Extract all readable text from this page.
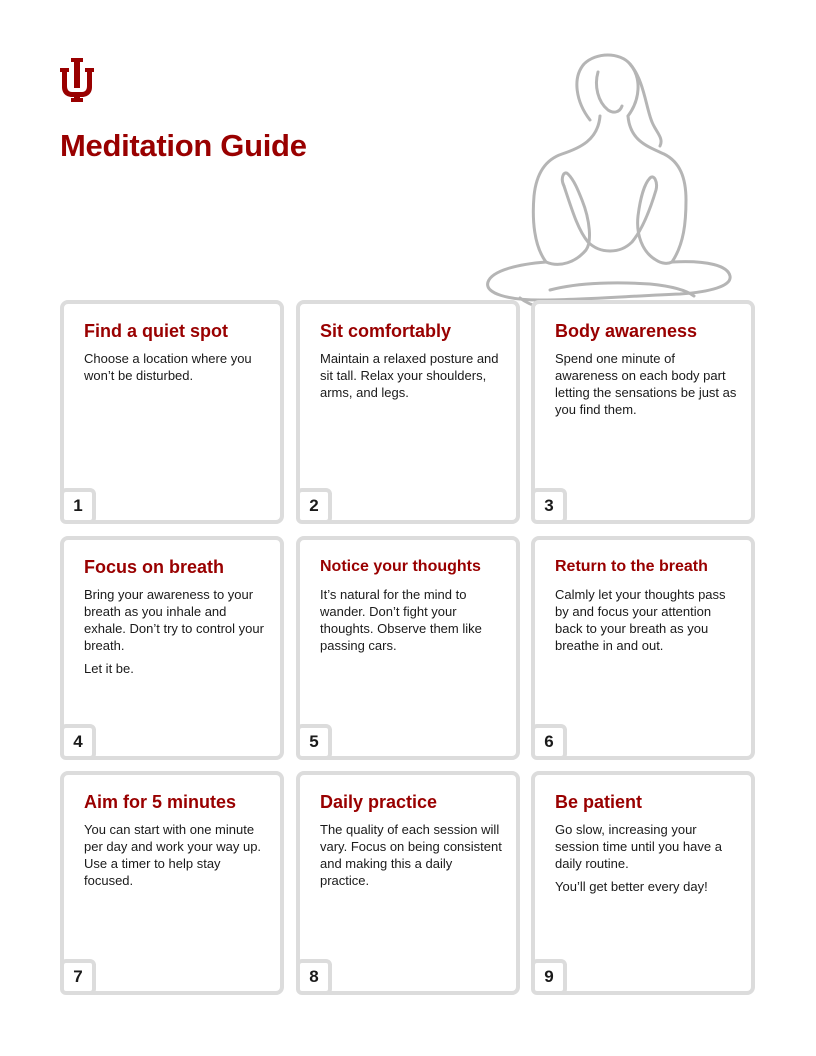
Meditation Guide
Find a quiet spot

Choose a location where you won’t be disturbed.

1
Sit comfortably

Maintain a relaxed posture and sit tall. Relax your shoulders, arms, and legs.

2
Body awareness

Spend one minute of awareness on each body part letting the sensations be just as you find them.

3
Focus on breath

Bring your awareness to your breath as you inhale and exhale. Don’t try to control your breath.

Let it be.

4
Notice your thoughts

It’s natural for the mind to wander. Don’t fight your thoughts. Observe them like passing cars.

5
Return to the breath

Calmly let your thoughts pass by and focus your attention back to your breath as you breathe in and out.

6
Aim for 5 minutes

You can start with one minute per day and work your way up. Use a timer to help stay focused.

7
Daily practice

The quality of each session will vary. Focus on being consistent and making this a daily practice.

8
Be patient

Go slow, increasing your session time until you have a daily routine.

You’ll get better every day!

9
